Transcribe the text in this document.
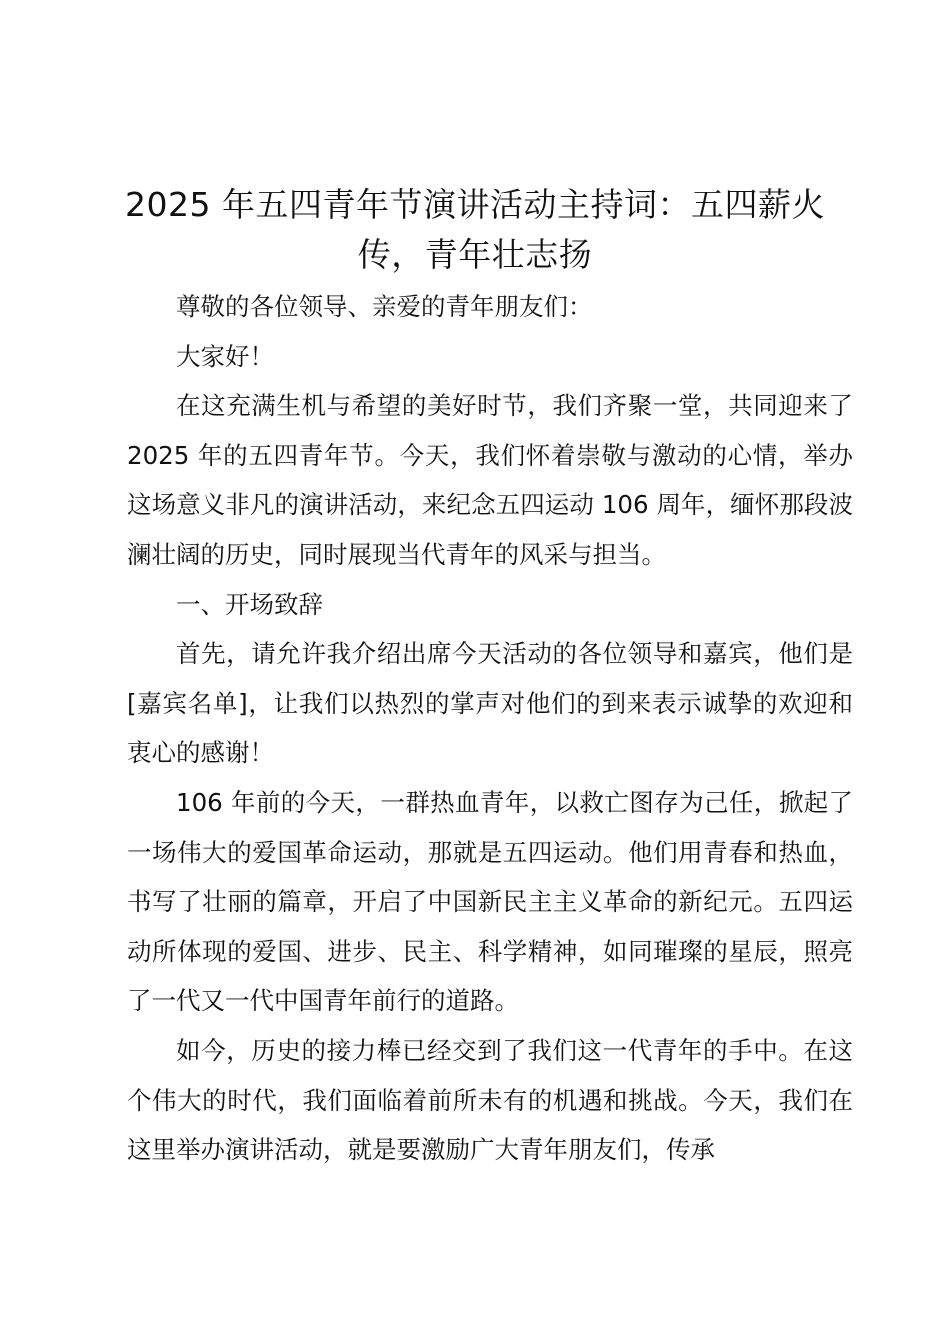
2025 年五四青年节演讲活动主持词：五四薪火传，青年壮志扬

尊敬的各位领导、亲爱的青年朋友们：

大家好！

在这充满生机与希望的美好时节，我们齐聚一堂，共同迎来了 2025 年的五四青年节。今天，我们怀着崇敬与激动的心情，举办这场意义非凡的演讲活动，来纪念五四运动 106 周年，缅怀那段波澜壮阔的历史，同时展现当代青年的风采与担当。

一、开场致辞

首先，请允许我介绍出席今天活动的各位领导和嘉宾，他们是[嘉宾名单]，让我们以热烈的掌声对他们的到来表示诚挚的欢迎和衷心的感谢！

106 年前的今天，一群热血青年，以救亡图存为己任，掀起了一场伟大的爱国革命运动，那就是五四运动。他们用青春和热血，书写了壮丽的篇章，开启了中国新民主主义革命的新纪元。五四运动所体现的爱国、进步、民主、科学精神，如同璀璨的星辰，照亮了一代又一代中国青年前行的道路。

如今，历史的接力棒已经交到了我们这一代青年的手中。在这个伟大的时代，我们面临着前所未有的机遇和挑战。今天，我们在这里举办演讲活动，就是要激励广大青年朋友们，传承
